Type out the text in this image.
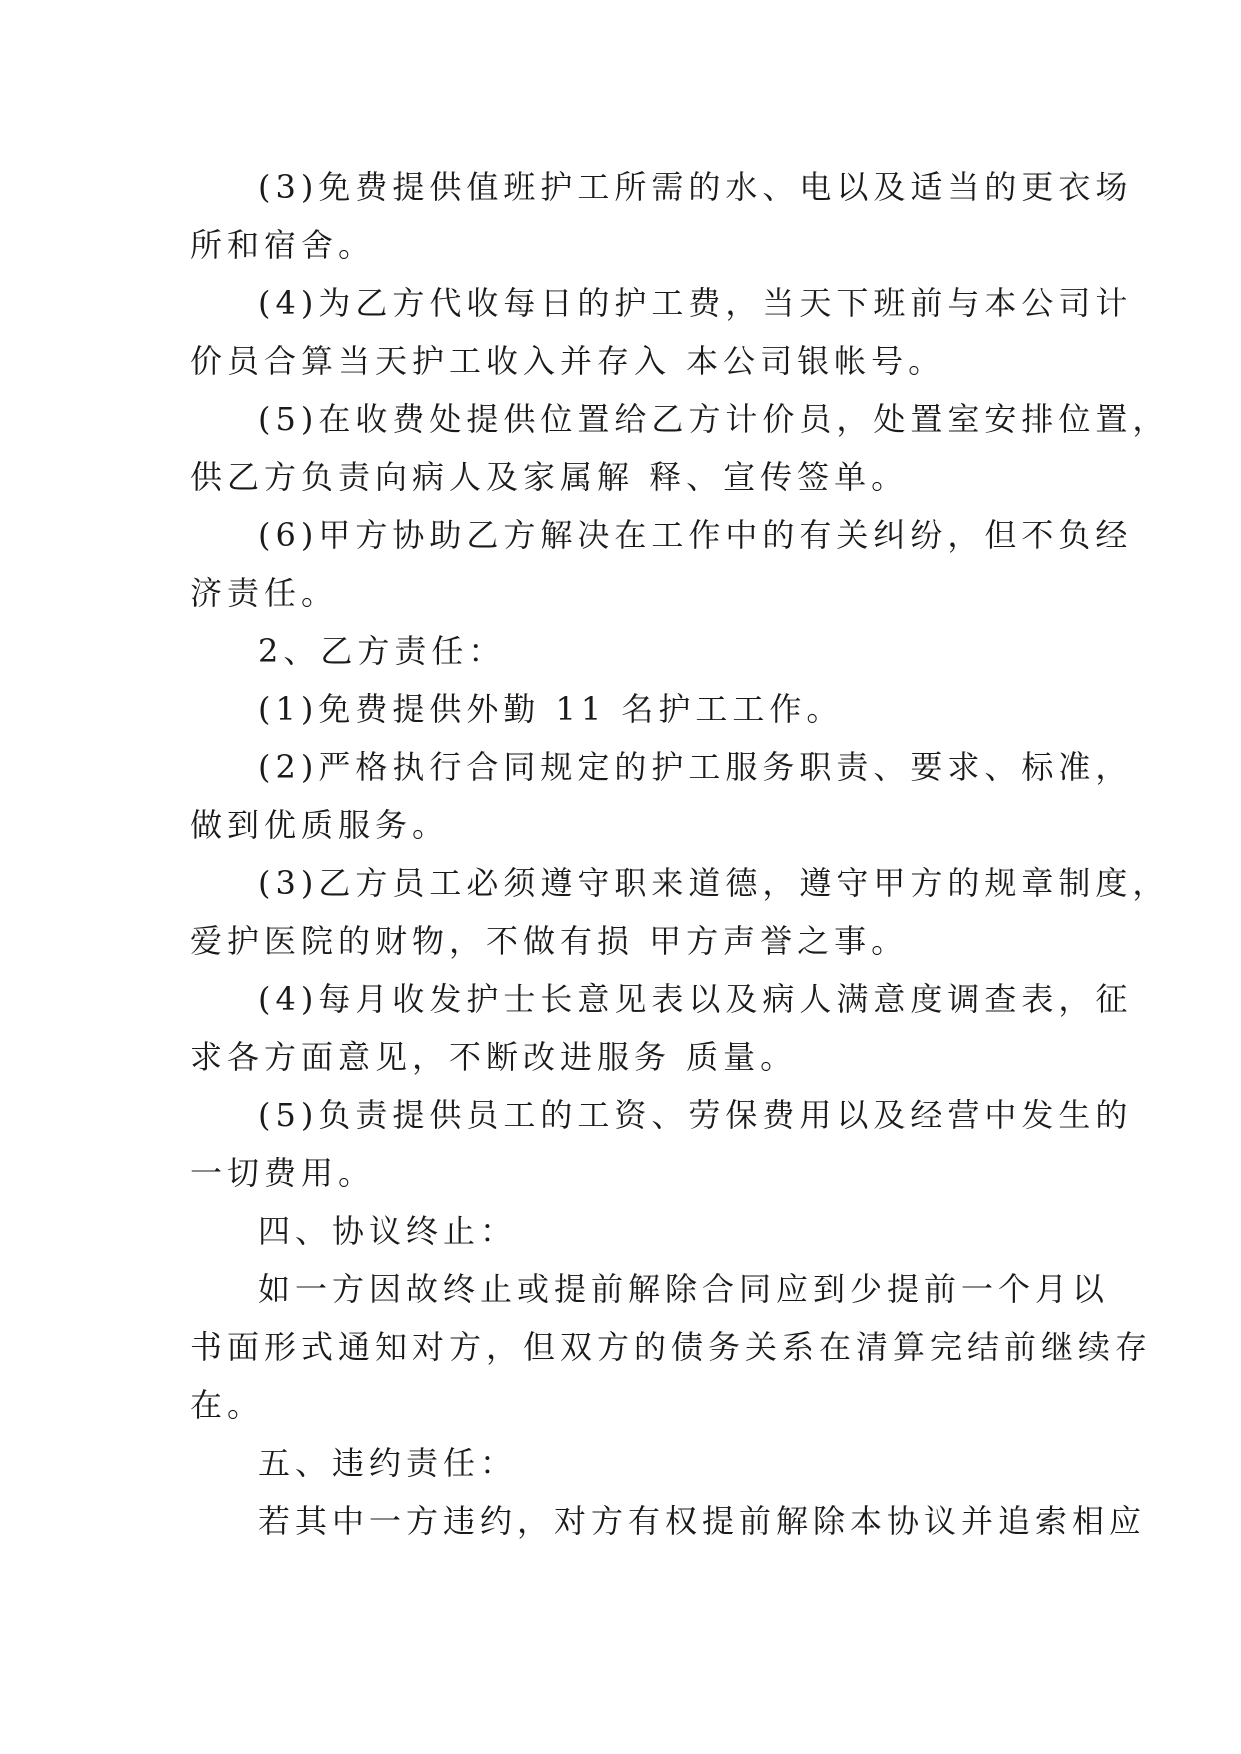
(3)免费提供值班护工所需的水、电以及适当的更衣场
所和宿舍。

(4)为乙方代收每日的护工费，当天下班前与本公司计
价员合算当天护工收入并存入 本公司银帐号。

(5)在收费处提供位置给乙方计价员，处置室安排位置，
供乙方负责向病人及家属解 释、宣传签单。

(6)甲方协助乙方解决在工作中的有关纠纷，但不负经
济责任。

2、乙方责任：

(1)免费提供外勤 11 名护工工作。

(2)严格执行合同规定的护工服务职责、要求、标准，
做到优质服务。

(3)乙方员工必须遵守职来道德，遵守甲方的规章制度，
爱护医院的财物，不做有损 甲方声誉之事。

(4)每月收发护士长意见表以及病人满意度调查表，征
求各方面意见，不断改进服务 质量。

(5)负责提供员工的工资、劳保费用以及经营中发生的
一切费用。

四、协议终止：

如一方因故终止或提前解除合同应到少提前一个月以
书面形式通知对方，但双方的债务关系在清算完结前继续存
在。

五、违约责任：

若其中一方违约，对方有权提前解除本协议并追索相应
